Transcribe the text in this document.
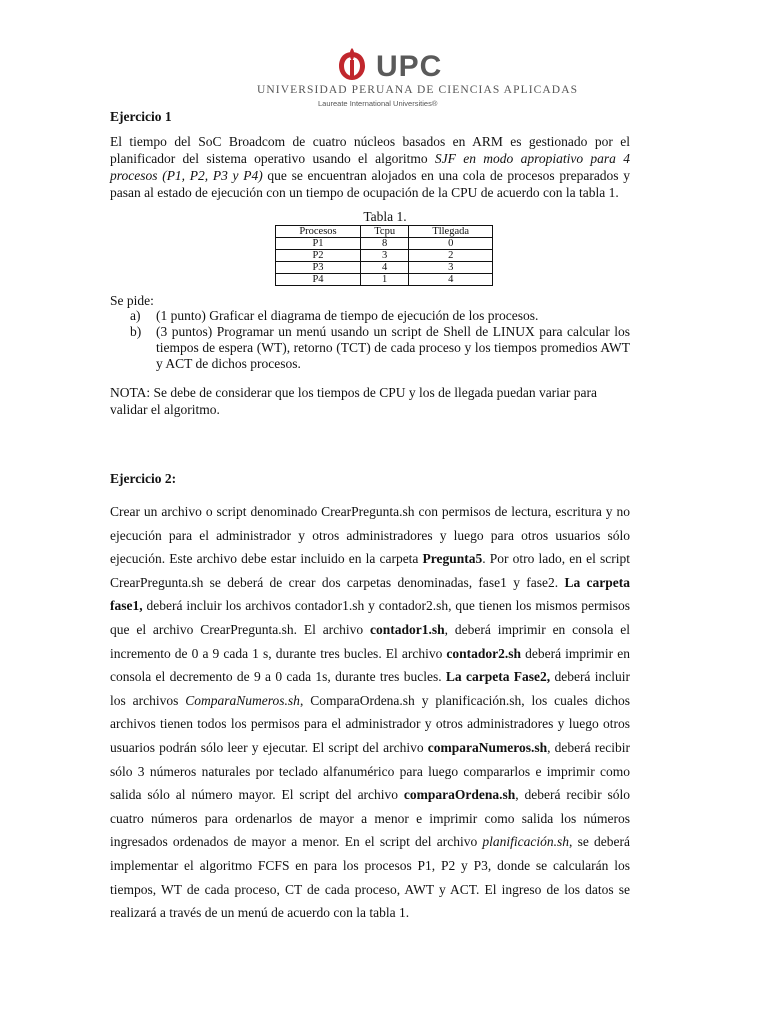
UPC
UNIVERSIDAD PERUANA DE CIENCIAS APLICADAS
Laureate International Universities®
Ejercicio 1
El tiempo del SoC Broadcom de cuatro núcleos basados en ARM es gestionado por el planificador del sistema operativo usando el algoritmo SJF en modo apropiativo para 4 procesos (P1, P2, P3 y P4) que se encuentran alojados en una cola de procesos preparados y pasan al estado de ejecución con un tiempo de ocupación de la CPU de acuerdo con la tabla 1.
Tabla 1.
Procesos	Tcpu	Tllegada
P1	8	0
P2	3	2
P3	4	3
P4	1	4
Se pide:
a) (1 punto) Graficar el diagrama de tiempo de ejecución de los procesos.
b) (3 puntos) Programar un menú usando un script de Shell de LINUX para calcular los tiempos de espera (WT), retorno (TCT) de cada proceso y los tiempos promedios AWT y ACT de dichos procesos.
NOTA: Se debe de considerar que los tiempos de CPU y los de llegada puedan variar para validar el algoritmo.
Ejercicio 2:
Crear un archivo o script denominado CrearPregunta.sh con permisos de lectura, escritura y no ejecución para el administrador y otros administradores y luego para otros usuarios sólo ejecución. Este archivo debe estar incluido en la carpeta Pregunta5. Por otro lado, en el script CrearPregunta.sh se deberá de crear dos carpetas denominadas, fase1 y fase2. La carpeta fase1, deberá incluir los archivos contador1.sh y contador2.sh, que tienen los mismos permisos que el archivo CrearPregunta.sh. El archivo contador1.sh, deberá imprimir en consola el incremento de 0 a 9 cada 1 s, durante tres bucles. El archivo contador2.sh deberá imprimir en consola el decremento de 9 a 0 cada 1s, durante tres bucles. La carpeta Fase2, deberá incluir los archivos ComparaNumeros.sh, ComparaOrdena.sh y planificación.sh, los cuales dichos archivos tienen todos los permisos para el administrador y otros administradores y luego otros usuarios podrán sólo leer y ejecutar. El script del archivo comparaNumeros.sh, deberá recibir sólo 3 números naturales por teclado alfanumérico para luego compararlos e imprimir como salida sólo al número mayor. El script del archivo comparaOrdena.sh, deberá recibir sólo cuatro números para ordenarlos de mayor a menor e imprimir como salida los números ingresados ordenados de mayor a menor. En el script del archivo planificación.sh, se deberá implementar el algoritmo FCFS en para los procesos P1, P2 y P3, donde se calcularán los tiempos, WT de cada proceso, CT de cada proceso, AWT y ACT. El ingreso de los datos se realizará a través de un menú de acuerdo con la tabla 1.
